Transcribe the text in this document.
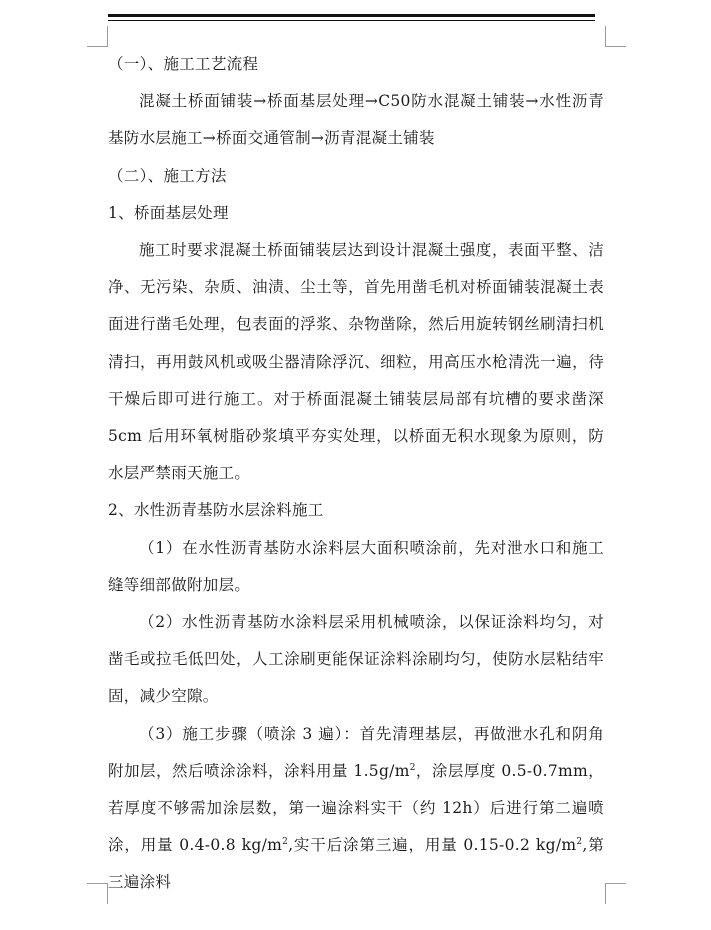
（一）、施工工艺流程

混凝土桥面铺装→桥面基层处理→C50防水混凝土铺装→水性沥青基防水层施工→桥面交通管制→沥青混凝土铺装

（二）、施工方法

1、桥面基层处理

施工时要求混凝土桥面铺装层达到设计混凝土强度，表面平整、洁净、无污染、杂质、油渍、尘土等，首先用凿毛机对桥面铺装混凝土表面进行凿毛处理，包表面的浮浆、杂物凿除，然后用旋转钢丝刷清扫机清扫，再用鼓风机或吸尘器清除浮沉、细粒，用高压水枪清洗一遍，待干燥后即可进行施工。对于桥面混凝土铺装层局部有坑槽的要求凿深 5cm 后用环氧树脂砂浆填平夯实处理，以桥面无积水现象为原则，防水层严禁雨天施工。

2、水性沥青基防水层涂料施工

（1）在水性沥青基防水涂料层大面积喷涂前，先对泄水口和施工缝等细部做附加层。

（2）水性沥青基防水涂料层采用机械喷涂，以保证涂料均匀，对凿毛或拉毛低凹处，人工涂刷更能保证涂料涂刷均匀，使防水层粘结牢固，减少空隙。

（3）施工步骤（喷涂 3 遍）：首先清理基层，再做泄水孔和阴角附加层，然后喷涂涂料，涂料用量 $1.5g/m^2$，涂层厚度 0.5-0.7mm，若厚度不够需加涂层数，第一遍涂料实干（约 12h）后进行第二遍喷涂，用量 0.4-0.8 $kg/m^2$,实干后涂第三遍，用量 0.15-0.2 $kg/m^2$,第三遍涂料
